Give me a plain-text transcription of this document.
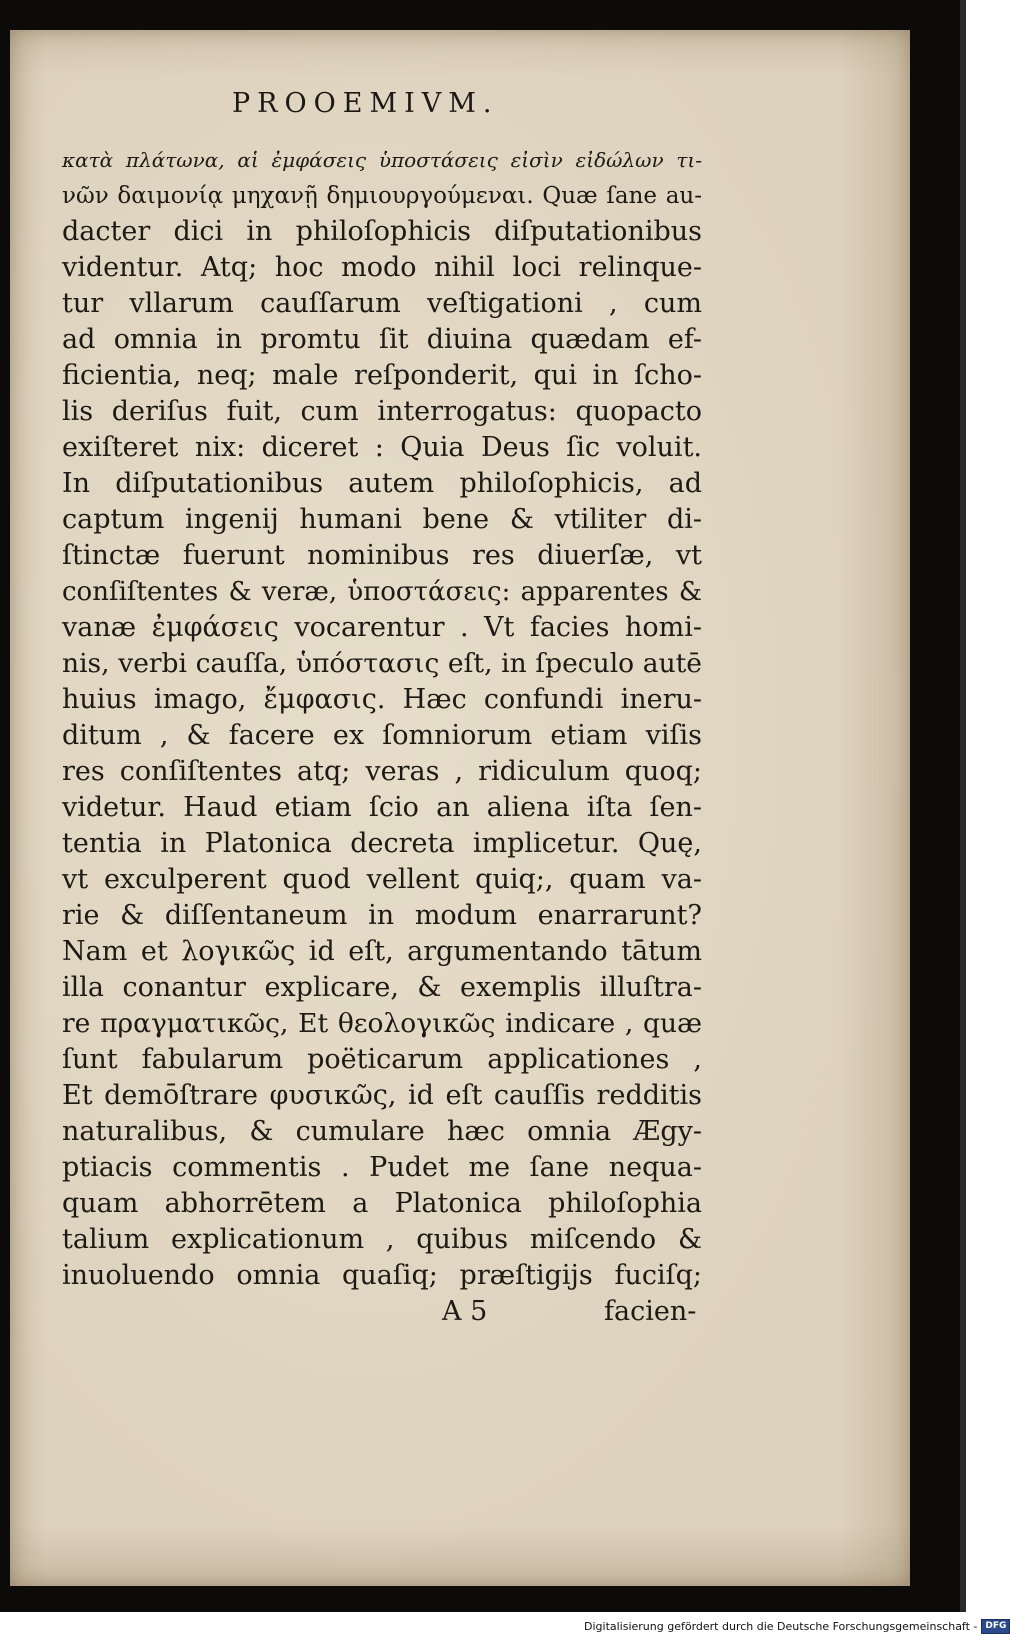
PROOEMIVM.
κατὰ πλάτωνα, αἱ ἐμφάσεις ὑποστάσεις εἰσὶν εἰδώλων τι-
νῶν δαιμονίᾳ μηχανῇ δημιουργούμεναι. Quæ ſane au-
dacter dici in philoſophicis diſputationibus
videntur. Atq; hoc modo nihil loci relinque-
tur vllarum cauſſarum veſtigationi , cum
ad omnia in promtu ſit diuina quædam ef-
ficientia, neq; male reſponderit, qui in ſcho-
lis deriſus fuit, cum interrogatus: quopacto
exiſteret nix: diceret : Quia Deus ſic voluit.
In diſputationibus autem philoſophicis, ad
captum ingenij humani bene & vtiliter di-
ſtinctæ fuerunt nominibus res diuerſæ, vt
conſiſtentes & veræ, ὑποστάσεις: apparentes &
vanæ ἐμφάσεις vocarentur . Vt facies homi-
nis, verbi cauſſa, ὑπόστασις eſt, in ſpeculo autē
huius imago, ἔμφασις. Hæc confundi ineru-
ditum , & facere ex ſomniorum etiam viſis
res conſiſtentes atq; veras , ridiculum quoq;
videtur. Haud etiam ſcio an aliena iſta ſen-
tentia in Platonica decreta implicetur. Quę,
vt exculperent quod vellent quiq;, quam va-
rie & diſſentaneum in modum enarrarunt?
Nam et λογικῶς id eſt, argumentando tātum
illa conantur explicare, & exemplis illuſtra-
re πραγματικῶς, Et θεολογικῶς indicare , quæ
ſunt fabularum poëticarum applicationes ,
Et demōſtrare φυσικῶς, id eſt cauſſis redditis
naturalibus, & cumulare hæc omnia Ægy-
ptiacis commentis . Pudet me ſane nequa-
quam abhorrētem a Platonica philoſophia
talium explicationum , quibus miſcendo &
inuoluendo omnia quaſiq; præſtigijs fuciſq;
A 5	facien-
Digitalisierung gefördert durch die Deutsche Forschungsgemeinschaft - DFG
